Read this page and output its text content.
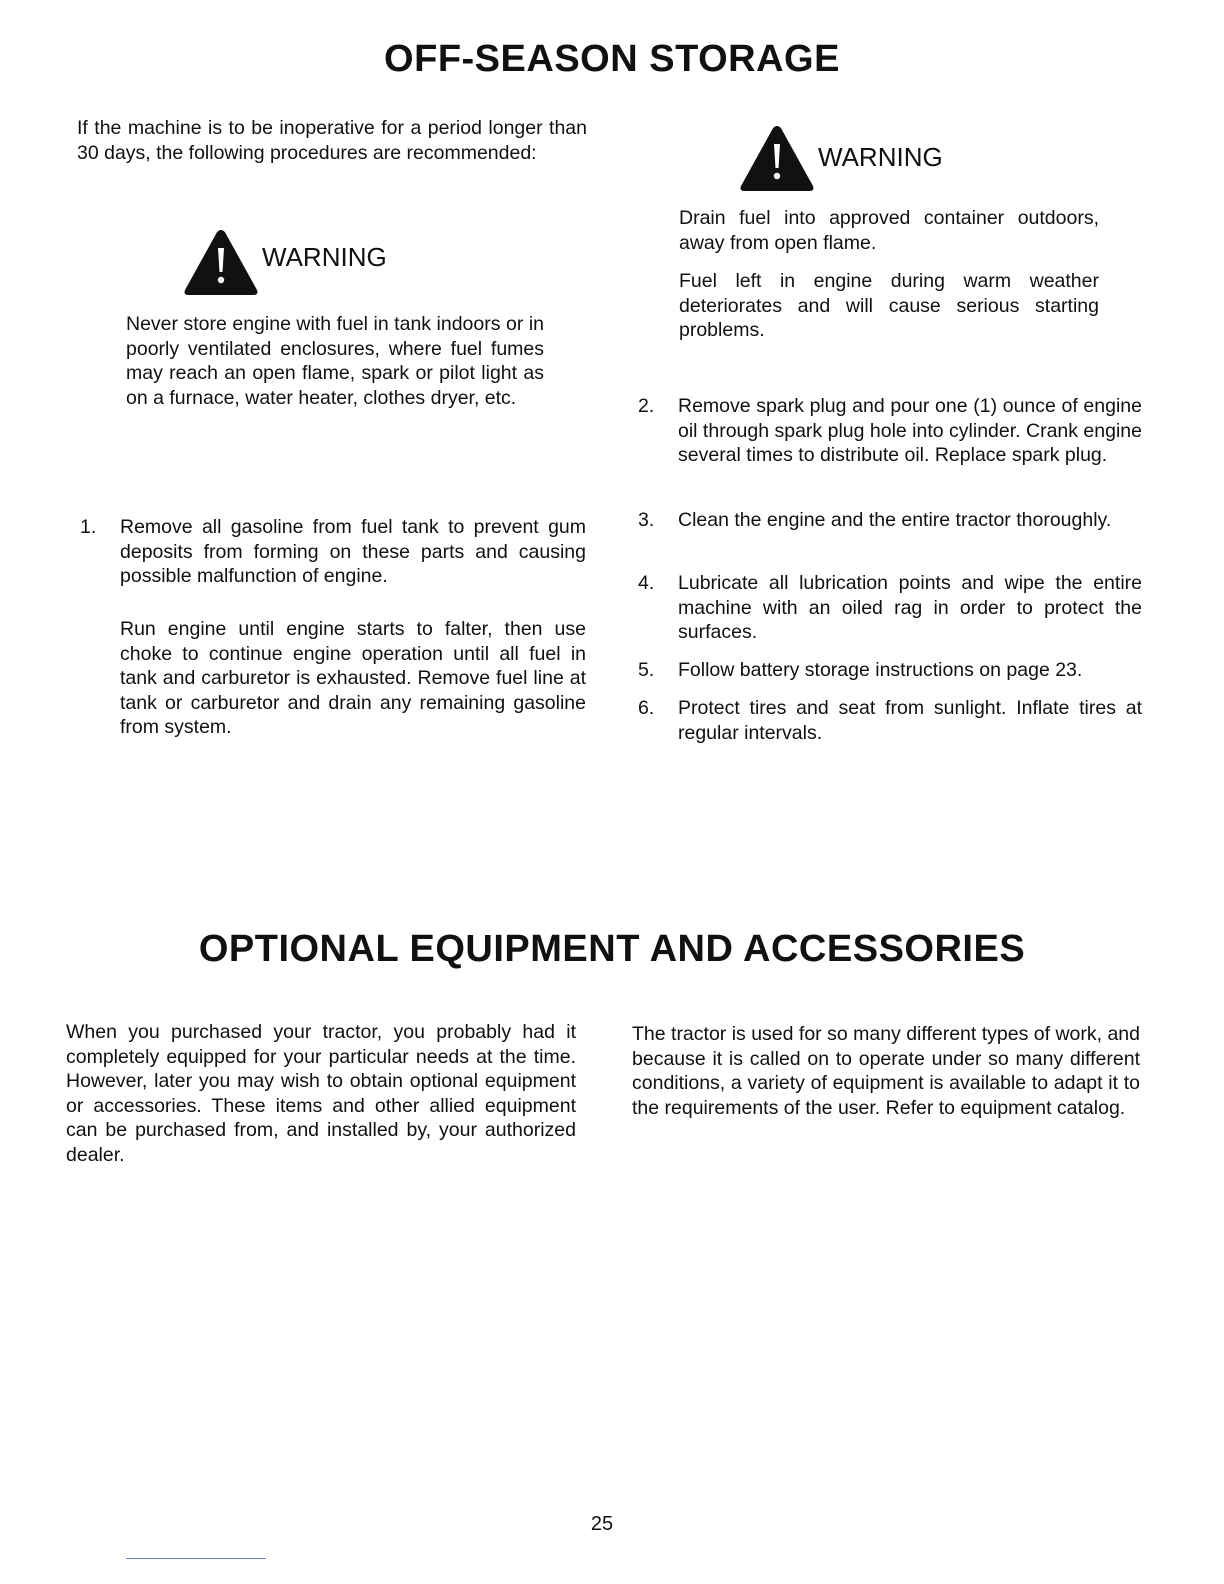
OFF-SEASON STORAGE

If the machine is to be inoperative for a period longer than 30 days, the following procedures are recommended:

WARNING

Never store engine with fuel in tank indoors or in poorly ventilated enclosures, where fuel fumes may reach an open flame, spark or pilot light as on a furnace, water heater, clothes dryer, etc.

1.	Remove all gasoline from fuel tank to prevent gum deposits from forming on these parts and causing possible malfunction of engine.

Run engine until engine starts to falter, then use choke to continue engine operation until all fuel in tank and carburetor is exhausted. Remove fuel line at tank or carburetor and drain any remaining gasoline from system.

WARNING

Drain fuel into approved container outdoors, away from open flame.

Fuel left in engine during warm weather deteriorates and will cause serious starting problems.

2.	Remove spark plug and pour one (1) ounce of engine oil through spark plug hole into cylinder. Crank engine several times to distribute oil. Replace spark plug.

3.	Clean the engine and the entire tractor thoroughly.

4.	Lubricate all lubrication points and wipe the entire machine with an oiled rag in order to protect the surfaces.

5.	Follow battery storage instructions on page 23.

6.	Protect tires and seat from sunlight. Inflate tires at regular intervals.

OPTIONAL EQUIPMENT AND ACCESSORIES

When you purchased your tractor, you probably had it completely equipped for your particular needs at the time. However, later you may wish to obtain optional equipment or accessories. These items and other allied equipment can be purchased from, and installed by, your authorized dealer.

The tractor is used for so many different types of work, and because it is called on to operate under so many different conditions, a variety of equipment is available to adapt it to the requirements of the user. Refer to equipment catalog.

25
